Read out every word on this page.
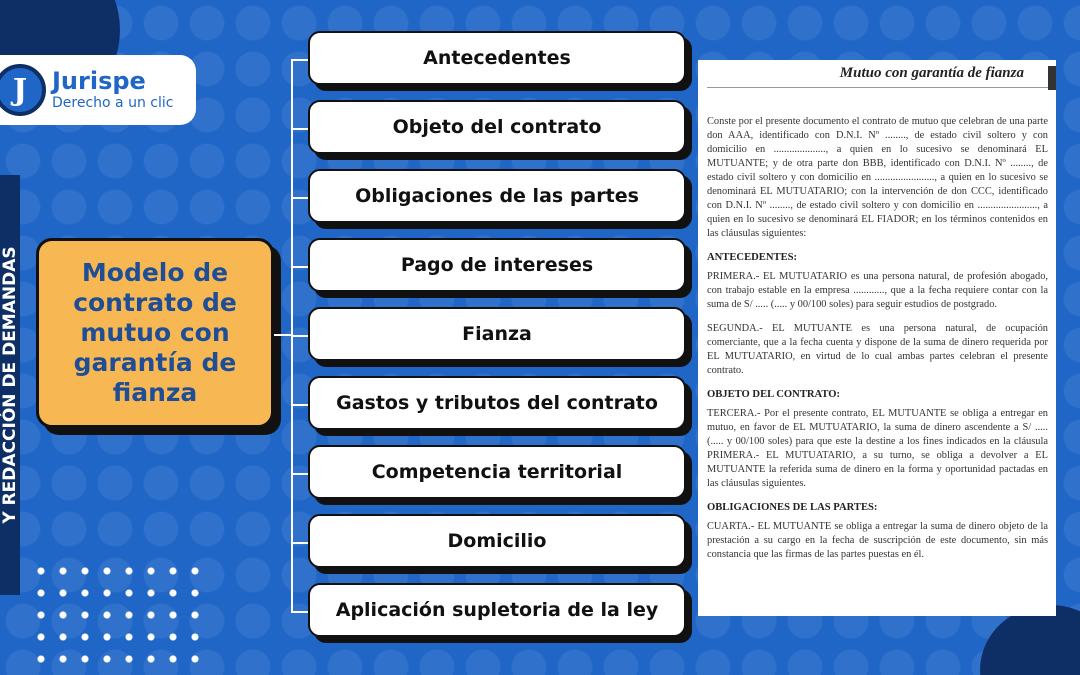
J	Jurispe
Derecho a un clic
Y REDACCIÓN DE DEMANDAS	Modelo de
contrato de
mutuo con
garantía de
fianza
Antecedentes
Objeto del contrato
Obligaciones de las partes
Pago de intereses
Fianza
Gastos y tributos del contrato
Competencia territorial
Domicilio
Aplicación supletoria de la ley
Mutuo con garantía de fianza

Conste por el presente documento el contrato de mutuo que celebran de una parte don AAA, identificado con D.N.I. Nº ........, de estado civil soltero y con domicilio en ...................., a quien en lo sucesivo se denominará EL MUTUANTE; y de otra parte don BBB, identificado con D.N.I. Nº ........, de estado civil soltero y con domicilio en ......................., a quien en lo sucesivo se denominará EL MUTUATARIO; con la intervención de don CCC, identificado con D.N.I. Nº ........, de estado civil soltero y con domicilio en ......................., a quien en lo sucesivo se denominará EL FIADOR; en los términos contenidos en las cláusulas siguientes:

ANTECEDENTES:

PRIMERA.- EL MUTUATARIO es una persona natural, de profesión abogado, con trabajo estable en la empresa ............, que a la fecha requiere contar con la suma de S/ ..... (..... y 00/100 soles) para seguir estudios de postgrado.

SEGUNDA.- EL MUTUANTE es una persona natural, de ocupación comerciante, que a la fecha cuenta y dispone de la suma de dinero requerida por EL MUTUATARIO, en virtud de lo cual ambas partes celebran el presente contrato.

OBJETO DEL CONTRATO:

TERCERA.- Por el presente contrato, EL MUTUANTE se obliga a entregar en mutuo, en favor de EL MUTUATARIO, la suma de dinero ascendente a S/ ..... (..... y 00/100 soles) para que este la destine a los fines indicados en la cláusula PRIMERA.- EL MUTUATARIO, a su turno, se obliga a devolver a EL MUTUANTE la referida suma de dinero en la forma y oportunidad pactadas en las cláusulas siguientes.

OBLIGACIONES DE LAS PARTES:

CUARTA.- EL MUTUANTE se obliga a entregar la suma de dinero objeto de la prestación a su cargo en la fecha de suscripción de este documento, sin más constancia que las firmas de las partes puestas en él.
